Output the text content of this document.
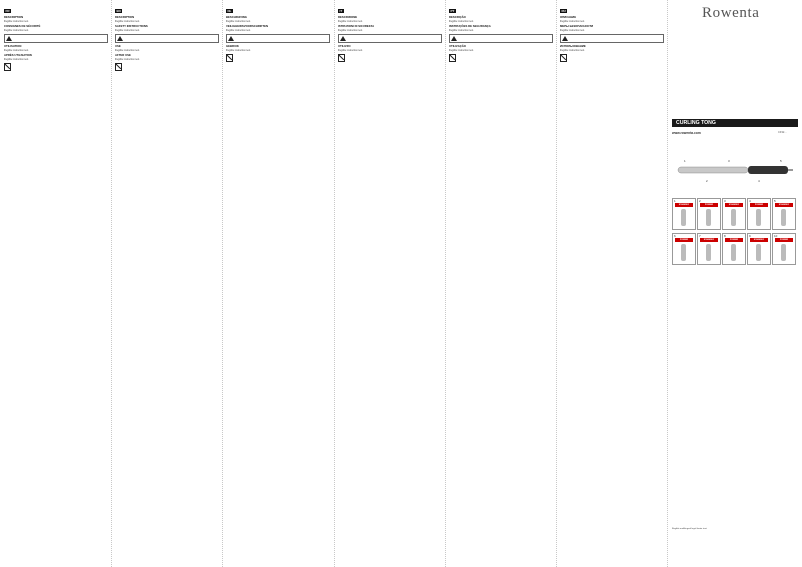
FR
DESCRIPTION

Illegible instruction text.

CONSIGNES DE SÉCURITÉ

Illegible instruction text.

UTILISATION

Illegible instruction text.

APRÈS UTILISATION

Illegible instruction text.

EN
DESCRIPTION

Illegible instruction text.

SAFETY INSTRUCTIONS

Illegible instruction text.

USE

Illegible instruction text.

AFTER USE

Illegible instruction text.

NL
BESCHRIJVING

Illegible instruction text.

VEILIGHEIDSVOORSCHRIFTEN

Illegible instruction text.

GEBRUIK

Illegible instruction text.

IT
DESCRIZIONE

Illegible instruction text.

ISTRUZIONI DI SICUREZZA

Illegible instruction text.

UTILIZZO

Illegible instruction text.

PT
DESCRIÇÃO

Illegible instruction text.

INSTRUÇÕES DE SEGURANÇA

Illegible instruction text.

UTILIZAÇÃO

Illegible instruction text.

RU
ОПИСАНИЕ

Illegible instruction text.

МЕРЫ БЕЗОПАСНОСТИ

Illegible instruction text.

ИСПОЛЬЗОВАНИЕ

Illegible instruction text.

Rowenta
CURLING TONG
www.rowenta.com	CF32...
1
2
3
4
5
1
STANDBY
2
POWER
3
STANDBY
4
POWER
5
STANDBY
6
POWER
7
STANDBY
8
POWER
9
STANDBY
10
POWER
Illegible multilingual legal footer text.
